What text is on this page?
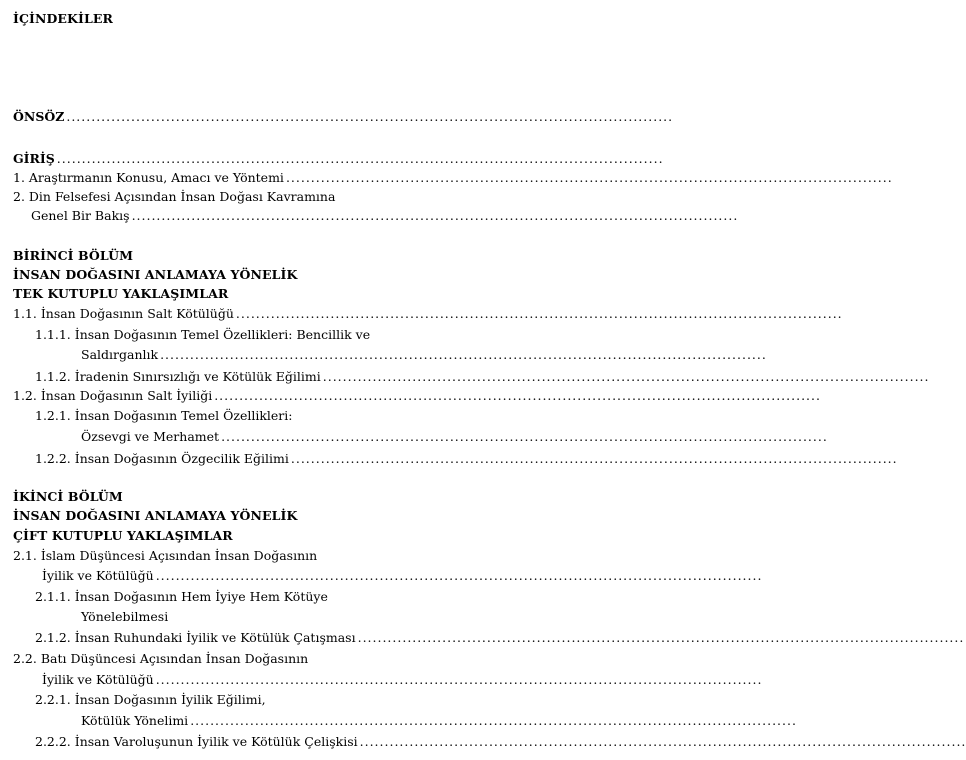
İÇİNDEKİLER
ÖNSÖZ ..........................................................................................................................
GİRİŞ ..........................................................................................................................
1. Araştırmanın Konusu, Amacı ve Yöntemi ..........................................................................................................................
2. Din Felsefesi Açısından İnsan Doğası Kavramına
Genel Bir Bakış ..........................................................................................................................
BİRİNCİ BÖLÜM
İNSAN DOĞASINI ANLAMAYA YÖNELİK
TEK KUTUPLU YAKLAŞIMLAR
1.1. İnsan Doğasının Salt Kötülüğü ..........................................................................................................................
1.1.1. İnsan Doğasının Temel Özellikleri: Bencillik ve
Saldırganlık ..........................................................................................................................
1.1.2. İradenin Sınırsızlığı ve Kötülük Eğilimi ..........................................................................................................................
1.2. İnsan Doğasının Salt İyiliği ..........................................................................................................................
1.2.1. İnsan Doğasının Temel Özellikleri:
Özsevgi ve Merhamet ..........................................................................................................................
1.2.2. İnsan Doğasının Özgecilik Eğilimi ..........................................................................................................................
İKİNCİ BÖLÜM
İNSAN DOĞASINI ANLAMAYA YÖNELİK
ÇİFT KUTUPLU YAKLAŞIMLAR
2.1. İslam Düşüncesi Açısından İnsan Doğasının
İyilik ve Kötülüğü ..........................................................................................................................
2.1.1. İnsan Doğasının Hem İyiye Hem Kötüye
Yönelebilmesi
2.1.2. İnsan Ruhundaki İyilik ve Kötülük Çatışması ..........................................................................................................................
2.2. Batı Düşüncesi Açısından İnsan Doğasının
İyilik ve Kötülüğü ..........................................................................................................................
2.2.1. İnsan Doğasının İyilik Eğilimi,
Kötülük Yönelimi ..........................................................................................................................
2.2.2. İnsan Varoluşunun İyilik ve Kötülük Çelişkisi ..........................................................................................................................
